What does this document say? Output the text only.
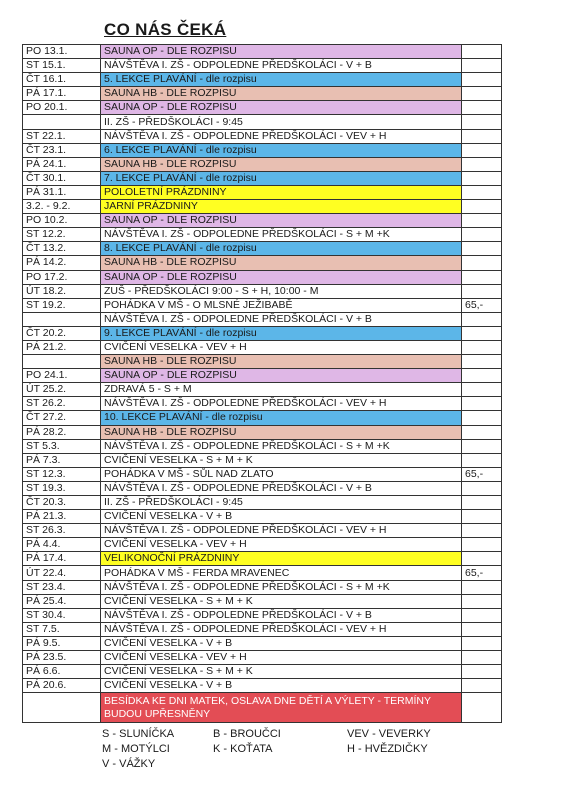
CO NÁS ČEKÁ
PO 13.1.	SAUNA OP - DLE ROZPISU	
ST 15.1.	NÁVŠTĚVA I. ZŠ - ODPOLEDNE PŘEDŠKOLÁCI - V + B	
ČT 16.1.	5. LEKCE PLAVÁNÍ - dle rozpisu	
PÁ 17.1.	SAUNA HB - DLE ROZPISU	
PO 20.1.	SAUNA OP - DLE ROZPISU	
	II. ZŠ - PŘEDŠKOLÁCI - 9:45	
ST 22.1.	NÁVŠTĚVA I. ZŠ - ODPOLEDNE PŘEDŠKOLÁCI - VEV + H	
ČT 23.1.	6. LEKCE PLAVÁNÍ - dle rozpisu	
PÁ 24.1.	SAUNA HB - DLE ROZPISU	
ČT 30.1.	7. LEKCE PLAVÁNÍ - dle rozpisu	
PÁ 31.1.	POLOLETNÍ PRÁZDNINY	
3.2. - 9.2.	JARNÍ PRÁZDNINY	
PO 10.2.	SAUNA OP - DLE ROZPISU	
ST 12.2.	NÁVŠTĚVA I. ZŠ - ODPOLEDNE PŘEDŠKOLÁCI - S + M +K	
ČT 13.2.	8. LEKCE PLAVÁNÍ - dle rozpisu	
PÁ 14.2.	SAUNA HB - DLE ROZPISU	
PO 17.2.	SAUNA OP - DLE ROZPISU	
ÚT 18.2.	ZUŠ - PŘEDŠKOLÁCI 9:00 - S + H, 10:00 - M	
ST 19.2.	POHÁDKA V MŠ - O MLSNÉ JEŽIBABĚ	65,-
	NÁVŠTĚVA I. ZŠ - ODPOLEDNE PŘEDŠKOLÁCI - V + B	
ČT 20.2.	9. LEKCE PLAVÁNÍ - dle rozpisu	
PÁ 21.2.	CVIČENÍ VESELKA - VEV + H	
	SAUNA HB - DLE ROZPISU	
PO 24.1.	SAUNA OP - DLE ROZPISU	
ÚT 25.2.	ZDRAVÁ 5 - S + M	
ST 26.2.	NÁVŠTĚVA I. ZŠ - ODPOLEDNE PŘEDŠKOLÁCI - VEV + H	
ČT 27.2.	10. LEKCE PLAVÁNÍ - dle rozpisu	
PÁ 28.2.	SAUNA HB - DLE ROZPISU	
ST 5.3.	NÁVŠTĚVA I. ZŠ - ODPOLEDNE PŘEDŠKOLÁCI - S + M +K	
PÁ 7.3.	CVIČENÍ VESELKA - S + M + K	
ST 12.3.	POHÁDKA V MŠ - SŮL NAD ZLATO	65,-
ST 19.3.	NÁVŠTĚVA I. ZŠ - ODPOLEDNE PŘEDŠKOLÁCI - V + B	
ČT 20.3.	II. ZŠ - PŘEDŠKOLÁCI - 9:45	
PÁ 21.3.	CVIČENÍ VESELKA - V + B	
ST 26.3.	NÁVŠTĚVA I. ZŠ - ODPOLEDNE PŘEDŠKOLÁCI - VEV + H	
PÁ 4.4.	CVIČENÍ VESELKA - VEV + H	
PÁ 17.4.	VELIKONOČNÍ PRÁZDNINY	
ÚT 22.4.	POHÁDKA V MŠ - FERDA MRAVENEC	65,-
ST 23.4.	NÁVŠTĚVA I. ZŠ - ODPOLEDNE PŘEDŠKOLÁCI - S + M +K	
PÁ 25.4.	CVIČENÍ VESELKA - S + M + K	
ST 30.4.	NÁVŠTĚVA I. ZŠ - ODPOLEDNE PŘEDŠKOLÁCI - V + B	
ST 7.5.	NÁVŠTĚVA I. ZŠ - ODPOLEDNE PŘEDŠKOLÁCI - VEV + H	
PÁ 9.5.	CVIČENÍ VESELKA - V + B	
PÁ 23.5.	CVIČENÍ VESELKA - VEV + H	
PÁ 6.6.	CVIČENÍ VESELKA - S + M + K	
PÁ 20.6.	CVIČENÍ VESELKA - V + B	
	BESÍDKA KE DNI MATEK, OSLAVA DNE DĚTÍ A VÝLETY - TERMÍNY BUDOU UPŘESNĚNY	
S - SLUNÍČKA
M - MOTÝLCI
V - VÁŽKY
B - BROUČCI
K - KOŤATA
VEV - VEVERKY
H - HVĚZDIČKY
